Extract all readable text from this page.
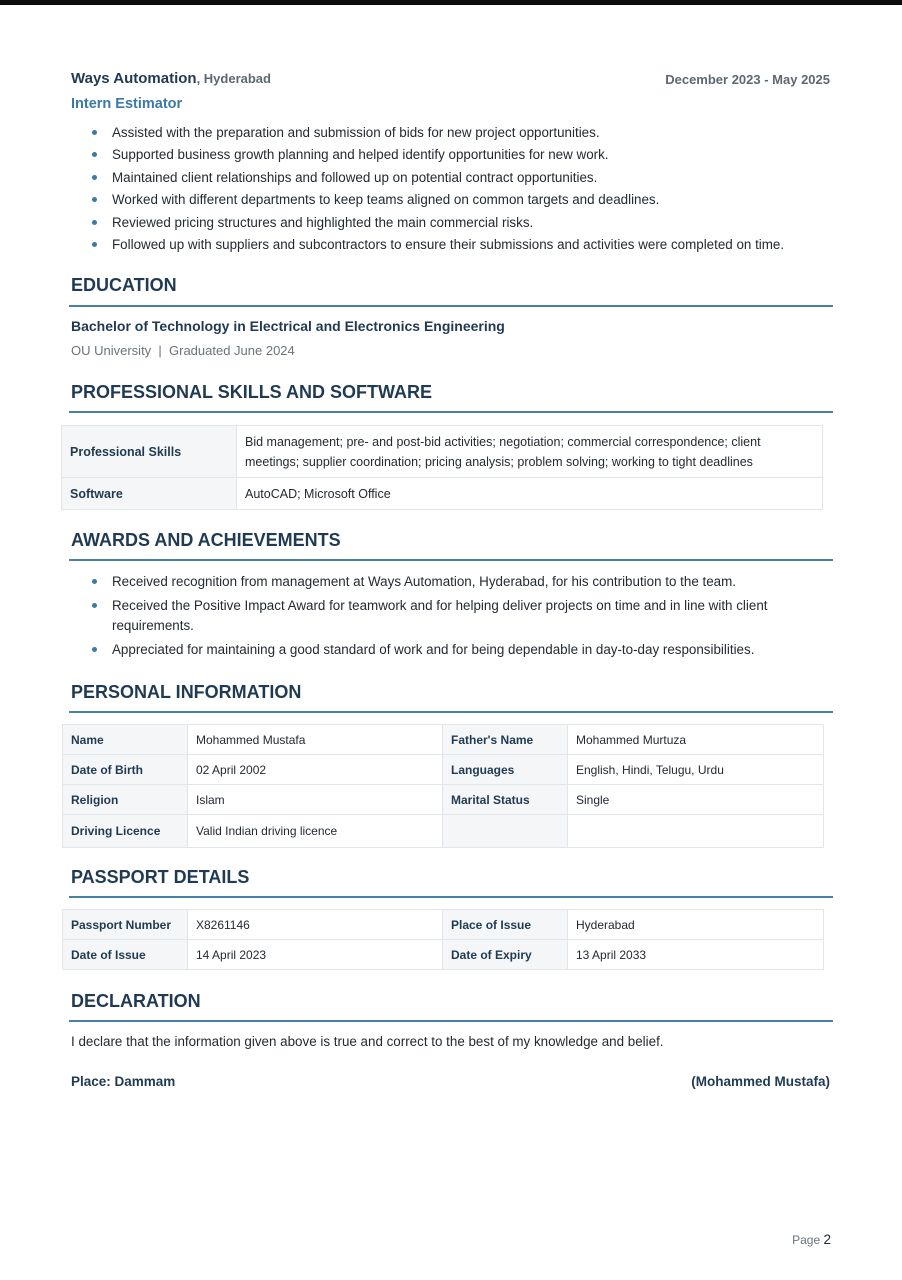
Ways Automation, Hyderabad	December 2023 - May 2025
Intern Estimator
Assisted with the preparation and submission of bids for new project opportunities.
Supported business growth planning and helped identify opportunities for new work.
Maintained client relationships and followed up on potential contract opportunities.
Worked with different departments to keep teams aligned on common targets and deadlines.
Reviewed pricing structures and highlighted the main commercial risks.
Followed up with suppliers and subcontractors to ensure their submissions and activities were completed on time.
EDUCATION
Bachelor of Technology in Electrical and Electronics Engineering
OU University  |  Graduated June 2024
PROFESSIONAL SKILLS AND SOFTWARE
Professional Skills	Bid management; pre- and post-bid activities; negotiation; commercial correspondence; client meetings; supplier coordination; pricing analysis; problem solving; working to tight deadlines
Software	AutoCAD; Microsoft Office
AWARDS AND ACHIEVEMENTS
Received recognition from management at Ways Automation, Hyderabad, for his contribution to the team.
Received the Positive Impact Award for teamwork and for helping deliver projects on time and in line with client requirements.
Appreciated for maintaining a good standard of work and for being dependable in day-to-day responsibilities.
PERSONAL INFORMATION
Name	Mohammed Mustafa	Father's Name	Mohammed Murtuza
Date of Birth	02 April 2002	Languages	English, Hindi, Telugu, Urdu
Religion	Islam	Marital Status	Single
Driving Licence	Valid Indian driving licence		
PASSPORT DETAILS
Passport Number	X8261146	Place of Issue	Hyderabad
Date of Issue	14 April 2023	Date of Expiry	13 April 2033
DECLARATION
I declare that the information given above is true and correct to the best of my knowledge and belief.
Place: Dammam	(Mohammed Mustafa)
Page 2
